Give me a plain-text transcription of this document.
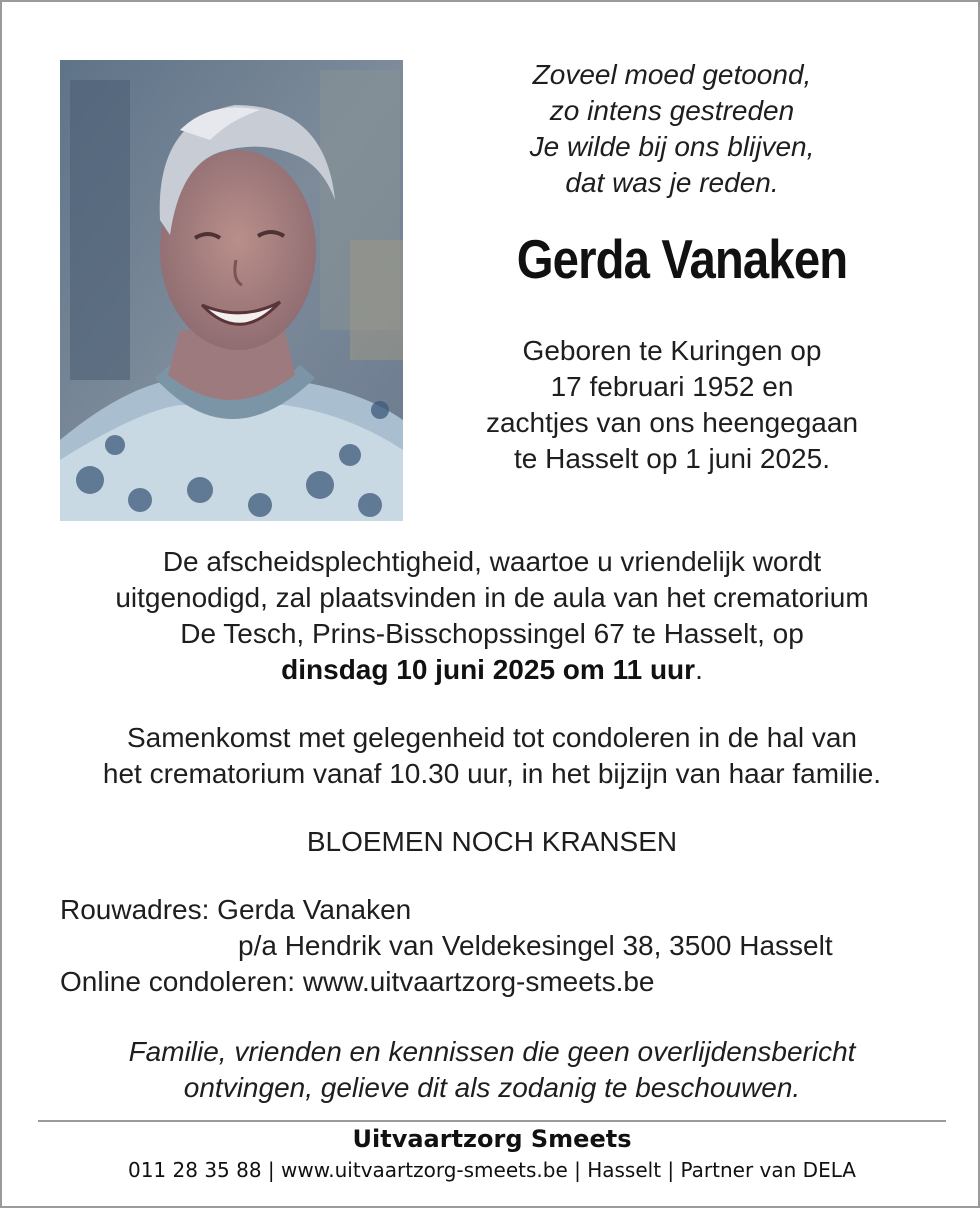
Zoveel moed getoond,
zo intens gestreden
Je wilde bij ons blijven,
dat was je reden.
Gerda Vanaken
Geboren te Kuringen op
17 februari 1952 en
zachtjes van ons heengegaan
te Hasselt op 1 juni 2025.
De afscheidsplechtigheid, waartoe u vriendelijk wordt
uitgenodigd, zal plaatsvinden in de aula van het crematorium
De Tesch, Prins-Bisschopssingel 67 te Hasselt, op
dinsdag 10 juni 2025 om 11 uur.
Samenkomst met gelegenheid tot condoleren in de hal van
het crematorium vanaf 10.30 uur, in het bijzijn van haar familie.
BLOEMEN NOCH KRANSEN
Rouwadres: Gerda Vanaken
p/a Hendrik van Veldekesingel 38, 3500 Hasselt
Online condoleren: www.uitvaartzorg-smeets.be
Familie, vrienden en kennissen die geen overlijdensbericht
ontvingen, gelieve dit als zodanig te beschouwen.
Uitvaartzorg Smeets
011 28 35 88 | www.uitvaartzorg-smeets.be | Hasselt | Partner van DELA
